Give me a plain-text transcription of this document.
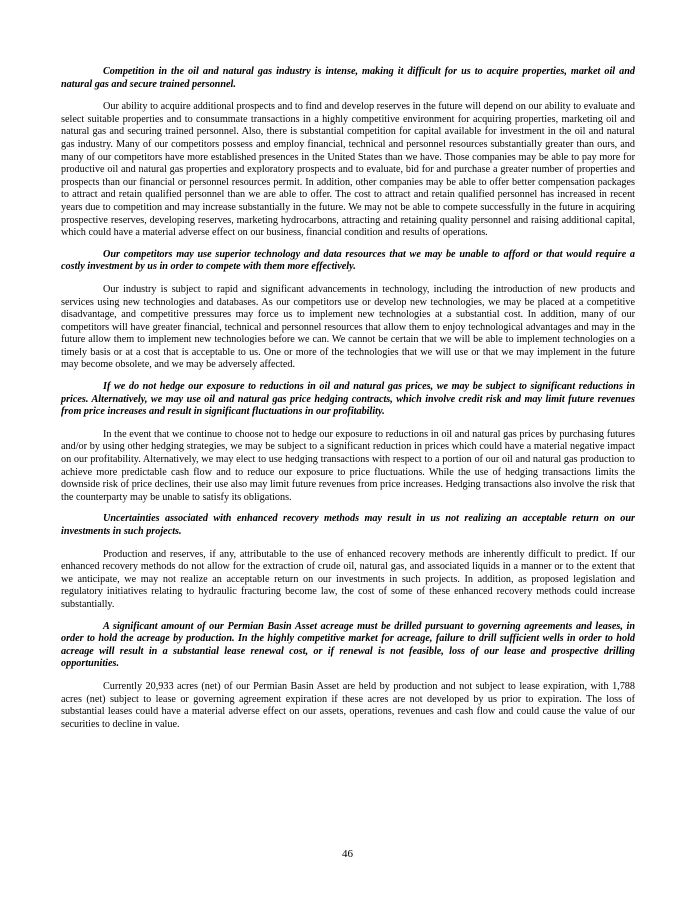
Competition in the oil and natural gas industry is intense, making it difficult for us to acquire properties, market oil and natural gas and secure trained personnel.

Our ability to acquire additional prospects and to find and develop reserves in the future will depend on our ability to evaluate and select suitable properties and to consummate transactions in a highly competitive environment for acquiring properties, marketing oil and natural gas and securing trained personnel. Also, there is substantial competition for capital available for investment in the oil and natural gas industry. Many of our competitors possess and employ financial, technical and personnel resources substantially greater than ours, and many of our competitors have more established presences in the United States than we have. Those companies may be able to pay more for productive oil and natural gas properties and exploratory prospects and to evaluate, bid for and purchase a greater number of properties and prospects than our financial or personnel resources permit. In addition, other companies may be able to offer better compensation packages to attract and retain qualified personnel than we are able to offer. The cost to attract and retain qualified personnel has increased in recent years due to competition and may increase substantially in the future. We may not be able to compete successfully in the future in acquiring prospective reserves, developing reserves, marketing hydrocarbons, attracting and retaining quality personnel and raising additional capital, which could have a material adverse effect on our business, financial condition and results of operations.

Our competitors may use superior technology and data resources that we may be unable to afford or that would require a costly investment by us in order to compete with them more effectively.

Our industry is subject to rapid and significant advancements in technology, including the introduction of new products and services using new technologies and databases. As our competitors use or develop new technologies, we may be placed at a competitive disadvantage, and competitive pressures may force us to implement new technologies at a substantial cost. In addition, many of our competitors will have greater financial, technical and personnel resources that allow them to enjoy technological advantages and may in the future allow them to implement new technologies before we can. We cannot be certain that we will be able to implement technologies on a timely basis or at a cost that is acceptable to us. One or more of the technologies that we will use or that we may implement in the future may become obsolete, and we may be adversely affected.

If we do not hedge our exposure to reductions in oil and natural gas prices, we may be subject to significant reductions in prices. Alternatively, we may use oil and natural gas price hedging contracts, which involve credit risk and may limit future revenues from price increases and result in significant fluctuations in our profitability.

In the event that we continue to choose not to hedge our exposure to reductions in oil and natural gas prices by purchasing futures and/or by using other hedging strategies, we may be subject to a significant reduction in prices which could have a material negative impact on our profitability. Alternatively, we may elect to use hedging transactions with respect to a portion of our oil and natural gas production to achieve more predictable cash flow and to reduce our exposure to price fluctuations. While the use of hedging transactions limits the downside risk of price declines, their use also may limit future revenues from price increases. Hedging transactions also involve the risk that the counterparty may be unable to satisfy its obligations.

Uncertainties associated with enhanced recovery methods may result in us not realizing an acceptable return on our investments in such projects.

Production and reserves, if any, attributable to the use of enhanced recovery methods are inherently difficult to predict. If our enhanced recovery methods do not allow for the extraction of crude oil, natural gas, and associated liquids in a manner or to the extent that we anticipate, we may not realize an acceptable return on our investments in such projects. In addition, as proposed legislation and regulatory initiatives relating to hydraulic fracturing become law, the cost of some of these enhanced recovery methods could increase substantially.

A significant amount of our Permian Basin Asset acreage must be drilled pursuant to governing agreements and leases, in order to hold the acreage by production. In the highly competitive market for acreage, failure to drill sufficient wells in order to hold acreage will result in a substantial lease renewal cost, or if renewal is not feasible, loss of our lease and prospective drilling opportunities.

Currently 20,933 acres (net) of our Permian Basin Asset are held by production and not subject to lease expiration, with 1,788 acres (net) subject to lease or governing agreement expiration if these acres are not developed by us prior to expiration. The loss of substantial leases could have a material adverse effect on our assets, operations, revenues and cash flow and could cause the value of our securities to decline in value.

46
